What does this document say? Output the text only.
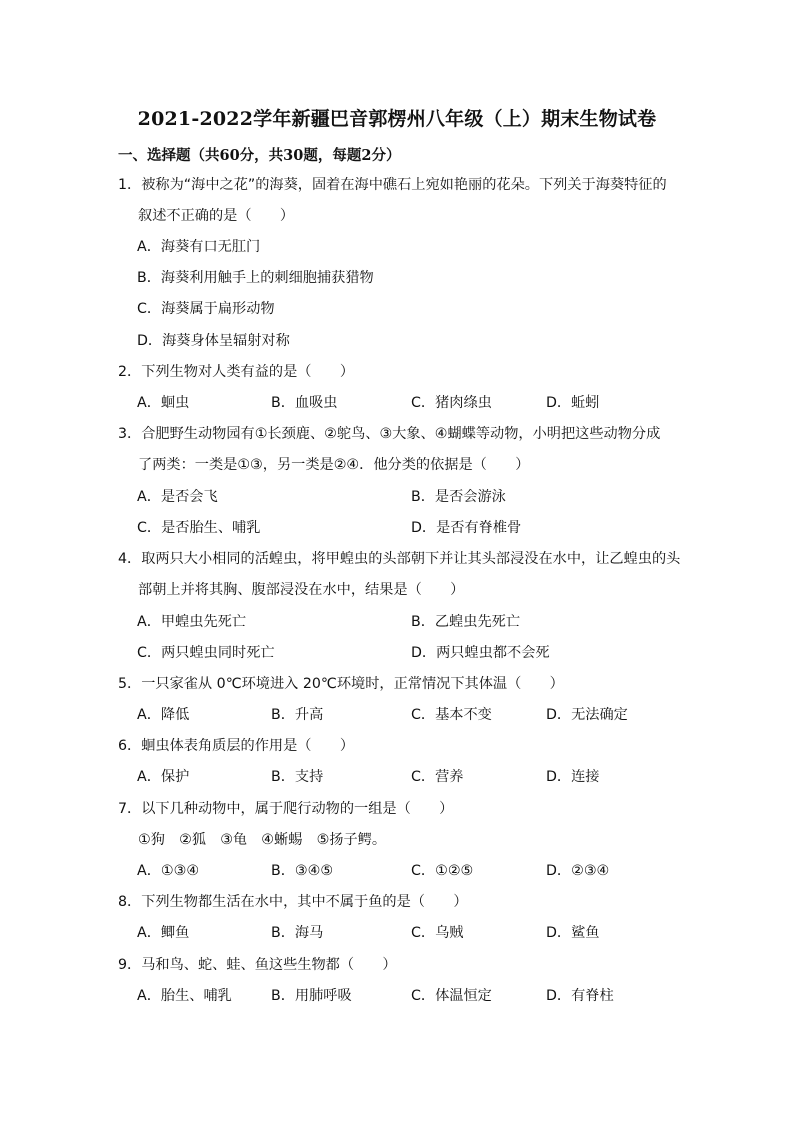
2021-2022学年新疆巴音郭楞州八年级（上）期末生物试卷
一、选择题（共60分，共30题，每题2分）
1．被称为“海中之花”的海葵，固着在海中礁石上宛如艳丽的花朵。下列关于海葵特征的
叙述不正确的是（　　）
A．海葵有口无肛门
B．海葵利用触手上的刺细胞捕获猎物
C．海葵属于扁形动物
D．海葵身体呈辐射对称
2．下列生物对人类有益的是（　　）
A．蛔虫	B．血吸虫	C．猪肉绦虫	D．蚯蚓
3．合肥野生动物园有①长颈鹿、②鸵鸟、③大象、④蝴蝶等动物，小明把这些动物分成
了两类：一类是①③，另一类是②④．他分类的依据是（　　）
A．是否会飞	B．是否会游泳
C．是否胎生、哺乳	D．是否有脊椎骨
4．取两只大小相同的活蝗虫，将甲蝗虫的头部朝下并让其头部浸没在水中，让乙蝗虫的头
部朝上并将其胸、腹部浸没在水中，结果是（　　）
A．甲蝗虫先死亡	B．乙蝗虫先死亡
C．两只蝗虫同时死亡	D．两只蝗虫都不会死
5．一只家雀从 0℃环境进入 20℃环境时，正常情况下其体温（　　）
A．降低	B．升高	C．基本不变	D．无法确定
6．蛔虫体表角质层的作用是（　　）
A．保护	B．支持	C．营养	D．连接
7．以下几种动物中，属于爬行动物的一组是（　　）
①狗　②狐　③龟　④蜥蜴　⑤扬子鳄。
A．①③④	B．③④⑤	C．①②⑤	D．②③④
8．下列生物都生活在水中，其中不属于鱼的是（　　）
A．鲫鱼	B．海马	C．乌贼	D．鲨鱼
9．马和鸟、蛇、蛙、鱼这些生物都（　　）
A．胎生、哺乳	B．用肺呼吸	C．体温恒定	D．有脊柱
